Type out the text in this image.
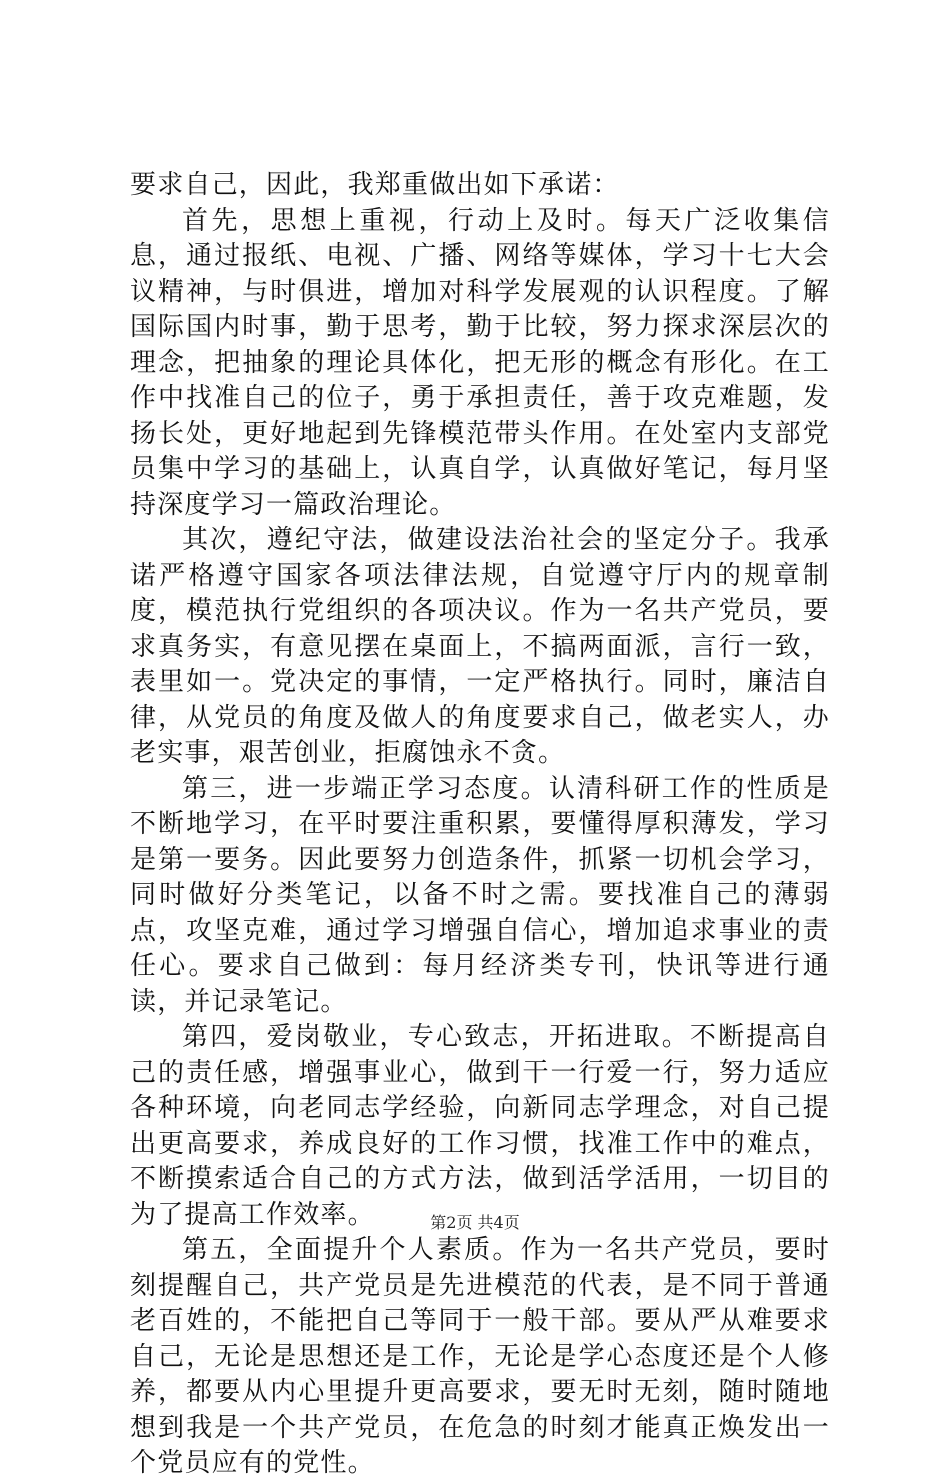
要求自己，因此，我郑重做出如下承诺：

首先，思想上重视，行动上及时。每天广泛收集信息，通过报纸、电视、广播、网络等媒体，学习十七大会议精神，与时俱进，增加对科学发展观的认识程度。了解国际国内时事，勤于思考，勤于比较，努力探求深层次的理念，把抽象的理论具体化，把无形的概念有形化。在工作中找准自己的位子，勇于承担责任，善于攻克难题，发扬长处，更好地起到先锋模范带头作用。在处室内支部党员集中学习的基础上，认真自学，认真做好笔记，每月坚持深度学习一篇政治理论。

其次，遵纪守法，做建设法治社会的坚定分子。我承诺严格遵守国家各项法律法规，自觉遵守厅内的规章制度，模范执行党组织的各项决议。作为一名共产党员，要求真务实，有意见摆在桌面上，不搞两面派，言行一致，表里如一。党决定的事情，一定严格执行。同时，廉洁自律，从党员的角度及做人的角度要求自己，做老实人，办老实事，艰苦创业，拒腐蚀永不贪。

第三，进一步端正学习态度。认清科研工作的性质是不断地学习，在平时要注重积累，要懂得厚积薄发，学习是第一要务。因此要努力创造条件，抓紧一切机会学习，同时做好分类笔记，以备不时之需。要找准自己的薄弱点，攻坚克难，通过学习增强自信心，增加追求事业的责任心。要求自己做到：每月经济类专刊，快讯等进行通读，并记录笔记。

第四，爱岗敬业，专心致志，开拓进取。不断提高自己的责任感，增强事业心，做到干一行爱一行，努力适应各种环境，向老同志学经验，向新同志学理念，对自己提出更高要求，养成良好的工作习惯，找准工作中的难点，不断摸索适合自己的方式方法，做到活学活用，一切目的为了提高工作效率。

第五，全面提升个人素质。作为一名共产党员，要时刻提醒自己，共产党员是先进模范的代表，是不同于普通老百姓的，不能把自己等同于一般干部。要从严从难要求自己，无论是思想还是工作，无论是学心态度还是个人修养，都要从内心里提升更高要求，要无时无刻，随时随地想到我是一个共产党员，在危急的时刻才能真正焕发出一个党员应有的党性。

第2页 共4页
